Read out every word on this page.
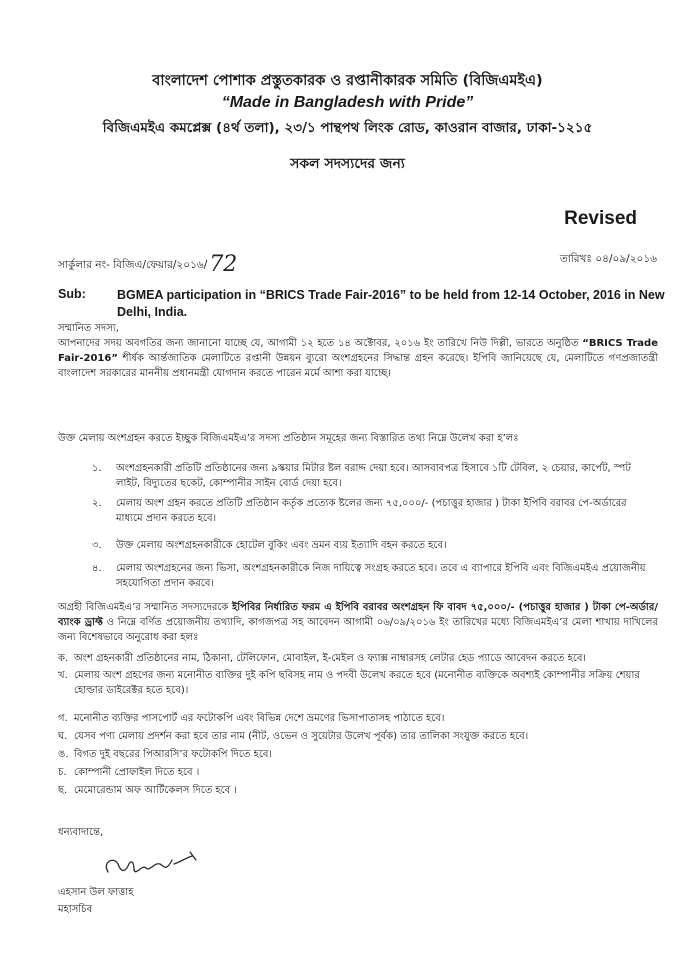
বাংলাদেশ পোশাক প্রস্তুতকারক ও রপ্তানীকারক সমিতি (বিজিএমইএ)
“Made in Bangladesh with Pride”
বিজিএমইএ কমপ্লেক্স (৪র্থ তলা), ২৩/১ পান্থপথ লিংক রোড, কাওরান বাজার, ঢাকা-১২১৫
সকল সদস্যদের জন্য
Revised
সার্কুলার নং- বিজিএ/ফেয়ার/২০১৬/72	তারিখঃ ০৪/০৯/২০১৬
Sub: BGMEA participation in “BRICS Trade Fair-2016” to be held from 12-14 October, 2016 in New Delhi, India.
সম্মানিত সদস্য,
আপনাদের সদয় অবগতির জন্য জানানো যাচ্ছে যে, আগামী ১২ হতে ১৪ অক্টোবর, ২০১৬ ইং তারিখে নিউ দিল্লী, ভারতে অনুষ্ঠিত “BRICS Trade Fair-2016” শীর্ষক আর্ন্তজাতিক মেলাটিতে রপ্তানী উন্নয়ন ব্যুরো অংশগ্রহনের সিদ্ধান্ত গ্রহন করেছে। ইপিবি জানিয়েছে যে, মেলাটিতে গণপ্রজাতন্ত্রী বাংলাদেশ সরকারের মাননীয় প্রধানমন্ত্রী যোগদান করতে পারেন মর্মে আশা করা যাচ্ছে।
উক্ত মেলায় অংশগ্রহন করতে ইচ্ছুক বিজিএমইএ’র সদস্য প্রতিষ্ঠান সমূহের জন্য বিস্তারিত তথ্য নিম্নে উলেখ করা হ’লঃ
১. অংশগ্রহনকারী প্রতিটি প্রতিষ্ঠানের জন্য ৯স্কয়ার মিটার ষ্টল বরাদ্দ দেয়া হবে। আসবাবপত্র হিসাবে ১টি টেবিল, ২ চেয়ার, কার্পেট, স্পট লাইট, বিদ্যুতের ছকেট, কোম্পানীর সাইন বোর্ড দেয়া হবে।
২. মেলায় অংশ গ্রহন করতে প্রতিটি প্রতিষ্ঠান কর্তৃক প্রত্যেক ষ্টলের জন্য ৭৫,০০০/- (পচাত্তুর হাজার ) টাকা ইপিবি বরাবর পে-অর্ডারের মাধ্যমে প্রদান করতে হবে।
৩. উক্ত মেলায় অংশগ্রহনকারীকে হোটেল বুকিং এবং ভ্রমন ব্যয় ইত্যাদি বহন করতে হবে।
৪. মেলায় অংশগ্রহনের জন্য ভিসা, অংশগ্রহনকারীকে নিজ দায়িত্বে সংগ্রহ করতে হবে। তবে এ ব্যাপারে ইপিবি এবং বিজিএমইএ প্রয়োজনীয় সহযোগিতা প্রদান করবে।
অগ্রহী বিজিএমইএ’র সম্মানিত সদস্যদেরকে ইপিবির নির্ধারিত ফরম এ ইপিবি বরাবর অংশগ্রহন ফি বাবদ ৭৫,০০০/- (পচাত্তুর হাজার ) টাকা পে-অর্ডার/ব্যাংক ড্রাফ্ট ও নিম্নে বর্ণিত প্রয়োজনীয় তথ্যাদি, কাগজপত্র সহ আবেদন আগামী ০৬/০৯/২০১৬ ইং তারিখের মধ্যে বিজিএমইএ’র মেলা শাখায় দাখিলের জন্য বিশেষভাবে অনুরোধ করা হলঃ
ক. অংশ গ্রহনকারী প্রতিষ্ঠানের নাম, ঠিকানা, টেলিফোন, মোবাইল, ই-মেইল ও ফ্যাক্স নাম্বারসহ লেটার হেড প্যাডে আবেদন করতে হবে।
খ. মেলায় অংশ গ্রহণের জন্য মনোনীত ব্যক্তির দুই কপি ছবিসহ নাম ও পদবী উলেখ করতে হবে (মনোনীত ব্যক্তিকে অবশ্যই কোম্পানীর সক্রিয় শেয়ার হোল্ডার ডাইরেক্টর হতে হবে)।
গ. মনোনীত ব্যক্তির পাসপোর্ট এর ফটোকপি এবং বিভিন্ন দেশে ভ্রমণের ভিসাপাতাসহ পাঠাতে হবে।
ঘ. যেসব পণ্য মেলায় প্রদর্শন করা হবে তার নাম (নীট, ওভেন ও সুয়েটার উলেখ পূর্বক) তার তালিকা সংযুক্ত করতে হবে।
ঙ. বিগত দুই বছরের পিআরসি’র ফটোকপি দিতে হবে।
চ. কোম্পানী প্রোফাইল দিতে হবে ।
ছ. মেমোরেন্ডাম অফ আর্টিকেলস দিতে হবে ।
ধন্যবাদান্তে,
এহসান উল ফাত্তাহ
মহাসচিব
